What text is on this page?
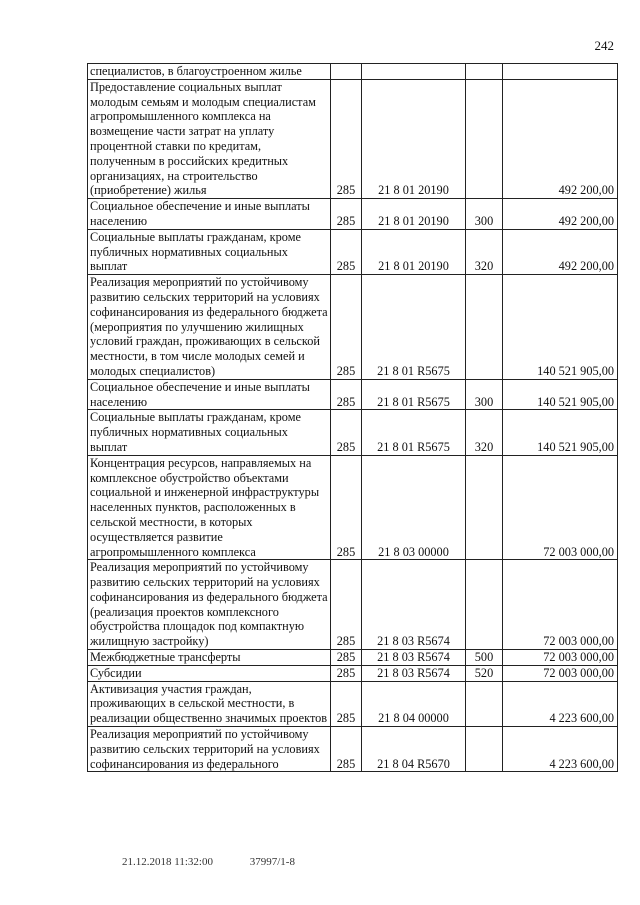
242
специалистов, в благоустроенном жилье				
Предоставление социальных выплат молодым семьям и молодым специалистам агропромышленного комплекса на возмещение части затрат на уплату процентной ставки по кредитам, полученным в российских кредитных организациях, на строительство (приобретение) жилья	285	21 8 01 20190		492 200,00
Социальное обеспечение и иные выплаты населению	285	21 8 01 20190	300	492 200,00
Социальные выплаты гражданам, кроме публичных нормативных социальных выплат	285	21 8 01 20190	320	492 200,00
Реализация мероприятий по устойчивому развитию сельских территорий на условиях софинансирования из федерального бюджета (мероприятия по улучшению жилищных условий граждан, проживающих в сельской местности, в том числе молодых семей и молодых специалистов)	285	21 8 01 R5675		140 521 905,00
Социальное обеспечение и иные выплаты населению	285	21 8 01 R5675	300	140 521 905,00
Социальные выплаты гражданам, кроме публичных нормативных социальных выплат	285	21 8 01 R5675	320	140 521 905,00
Концентрация ресурсов, направляемых на комплексное обустройство объектами социальной и инженерной инфраструктуры населенных пунктов, расположенных в сельской местности, в которых осуществляется развитие агропромышленного комплекса	285	21 8 03 00000		72 003 000,00
Реализация мероприятий по устойчивому развитию сельских территорий на условиях софинансирования из федерального бюджета (реализация проектов комплексного обустройства площадок под компактную жилищную застройку)	285	21 8 03 R5674		72 003 000,00
Межбюджетные трансферты	285	21 8 03 R5674	500	72 003 000,00
Субсидии	285	21 8 03 R5674	520	72 003 000,00
Активизация участия граждан, проживающих в сельской местности, в реализации общественно значимых проектов	285	21 8 04 00000		4 223 600,00
Реализация мероприятий по устойчивому развитию сельских территорий на условиях софинансирования из федерального	285	21 8 04 R5670		4 223 600,00
21.12.2018 11:32:00	37997/1-8
